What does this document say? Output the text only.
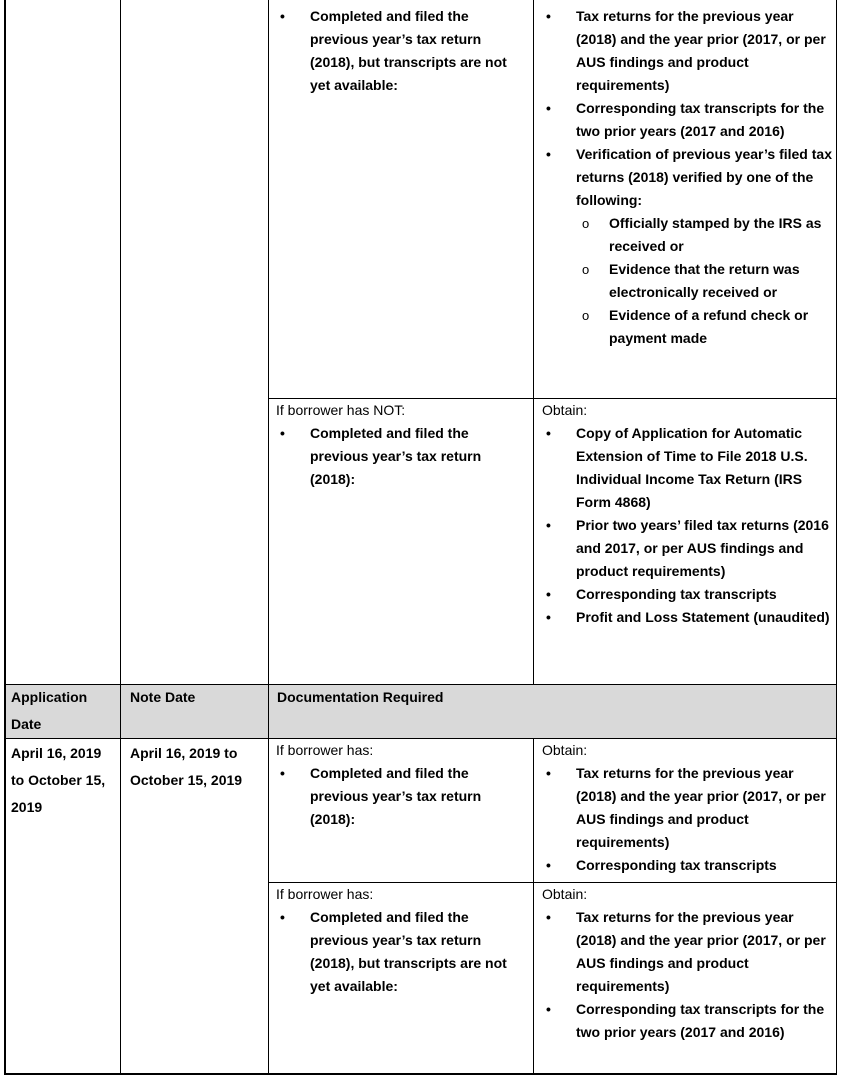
• Completed and filed the previous year’s tax return (2018), but transcripts are not yet available:
• Tax returns for the previous year (2018) and the year prior (2017, or per AUS findings and product requirements)
• Corresponding tax transcripts for the two prior years (2017 and 2016)
• Verification of previous year’s filed tax returns (2018) verified by one of the following:
o Officially stamped by the IRS as received or
o Evidence that the return was electronically received or
o Evidence of a refund check or payment made
If borrower has NOT:
• Completed and filed the previous year’s tax return (2018):
Obtain:
• Copy of Application for Automatic Extension of Time to File 2018 U.S. Individual Income Tax Return (IRS Form 4868)
• Prior two years’ filed tax returns (2016 and 2017, or per AUS findings and product requirements)
• Corresponding tax transcripts
• Profit and Loss Statement (unaudited)
Application Date
Note Date	Documentation Required
April 16, 2019 to October 15, 2019
April 16, 2019 to October 15, 2019
If borrower has:
• Completed and filed the previous year’s tax return (2018):
Obtain:
• Tax returns for the previous year (2018) and the year prior (2017, or per AUS findings and product requirements)
• Corresponding tax transcripts
If borrower has:
• Completed and filed the previous year’s tax return (2018), but transcripts are not yet available:
Obtain:
• Tax returns for the previous year (2018) and the year prior (2017, or per AUS findings and product requirements)
• Corresponding tax transcripts for the two prior years (2017 and 2016)
